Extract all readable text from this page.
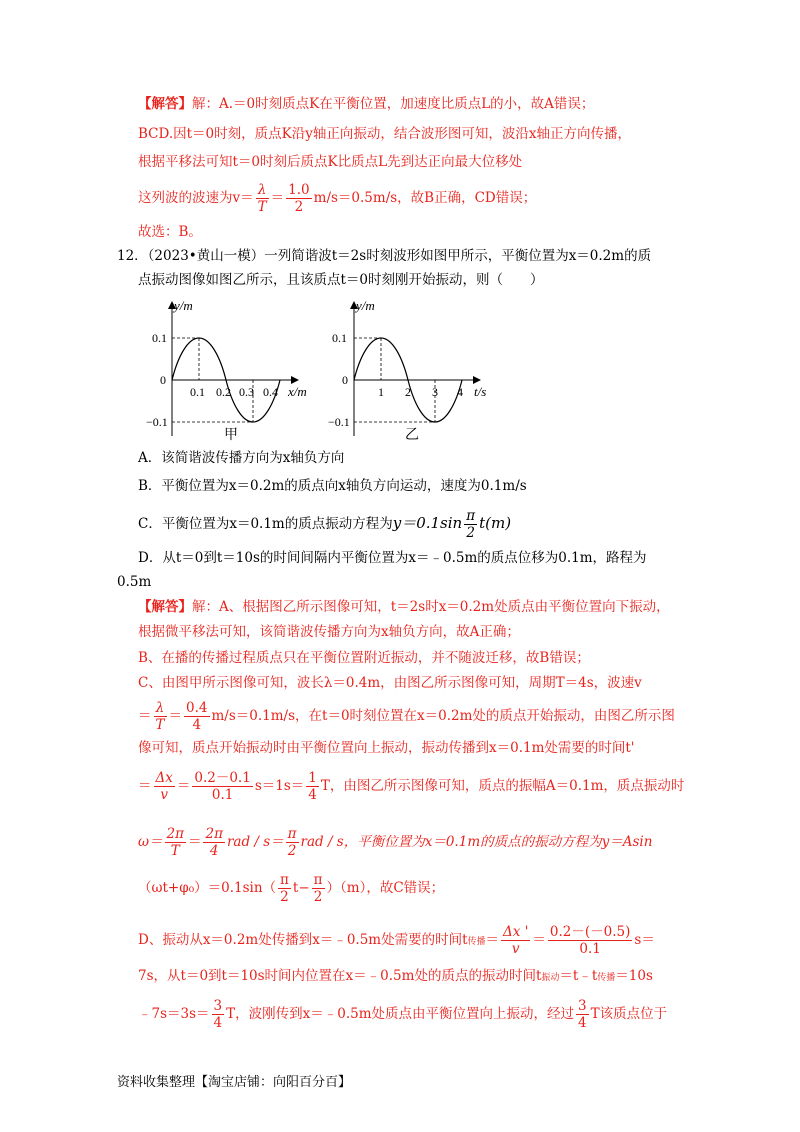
【解答】解：A.＝0时刻质点K在平衡位置，加速度比质点L的小，故A错误；
BCD.因t＝0时刻，质点K沿y轴正向振动，结合波形图可知，波沿x轴正方向传播，
根据平移法可知t＝0时刻后质点K比质点L先到达正向最大位移处
这列波的波速为$v= \frac{\lambda}{T} = \frac{1.0}{2} m/s=0.5m/s$，故B正确，CD错误；
故选：B。
12．（2023•黄山一模）一列简谐波t＝2s时刻波形如图甲所示，平衡位置为x＝0.2m的质
点振动图像如图乙所示，且该质点t＝0时刻刚开始振动，则（　　）
y/m
0.1
0
−0.1
0.1 0.2 0.3 0.4 x/m
甲
y/m
0.1
0
−0.1
1 2 3 4 t/s
乙
A．该简谐波传播方向为x轴负方向
B．平衡位置为x＝0.2m的质点向x轴负方向运动，速度为0.1m/s
C．平衡位置为x＝0.1m的质点振动方程为$y=0.1\sin \frac{\pi}{2} t(m)$
D．从t＝0到t＝10s的时间间隔内平衡位置为x＝﹣0.5m的质点位移为0.1m，路程为
0.5m
【解答】解：A、根据图乙所示图像可知，t＝2s时x＝0.2m处质点由平衡位置向下振动，
根据微平移法可知，该简谐波传播方向为x轴负方向，故A正确；
B、在播的传播过程质点只在平衡位置附近振动，并不随波迁移，故B错误；
C、由图甲所示图像可知，波长λ＝0.4m，由图乙所示图像可知，周期T＝4s，波速v
＝ $\frac{\lambda}{T} = \frac{0.4}{4} m/s=0.1m/s$，在t＝0时刻位置在x＝0.2m处的质点开始振动，由图乙所示图
像可知，质点开始振动时由平衡位置向上振动，振动传播到x＝0.1m处需要的时间t'
＝ $\frac{\Delta x}{v} = \frac{0.2-0.1}{0.1} s=1s= \frac{1}{4}$ T，由图乙所示图像可知，质点的振幅A＝0.1m，质点振动时
$\omega= \frac{2\pi}{T} = \frac{2\pi}{4}$ rad / $s= \frac{\pi}{2}$ rad / s，平衡位置为x＝0.1m的质点的振动方程为y＝Asin
$(\omega t+\varphi_0)=0.1\sin( \frac{\pi}{2} t- \frac{\pi}{2} )(m)$，故C错误；
D、振动从x＝0.2m处传播到x＝﹣0.5m处需要的时间t传播＝ $\frac{\Delta x '}{v} = \frac{0.2-(-0.5)}{0.1} s=$
7s，从t＝0到t＝10s时间内位置在x＝﹣0.5m处的质点的振动时间t振动＝t﹣t传播＝10s
﹣7s＝3s＝ $\frac{3}{4}$ T，波刚传到x＝﹣0.5m处质点由平衡位置向上振动，经过 $\frac{3}{4}$ T该质点位于
资料收集整理【淘宝店铺：向阳百分百】
